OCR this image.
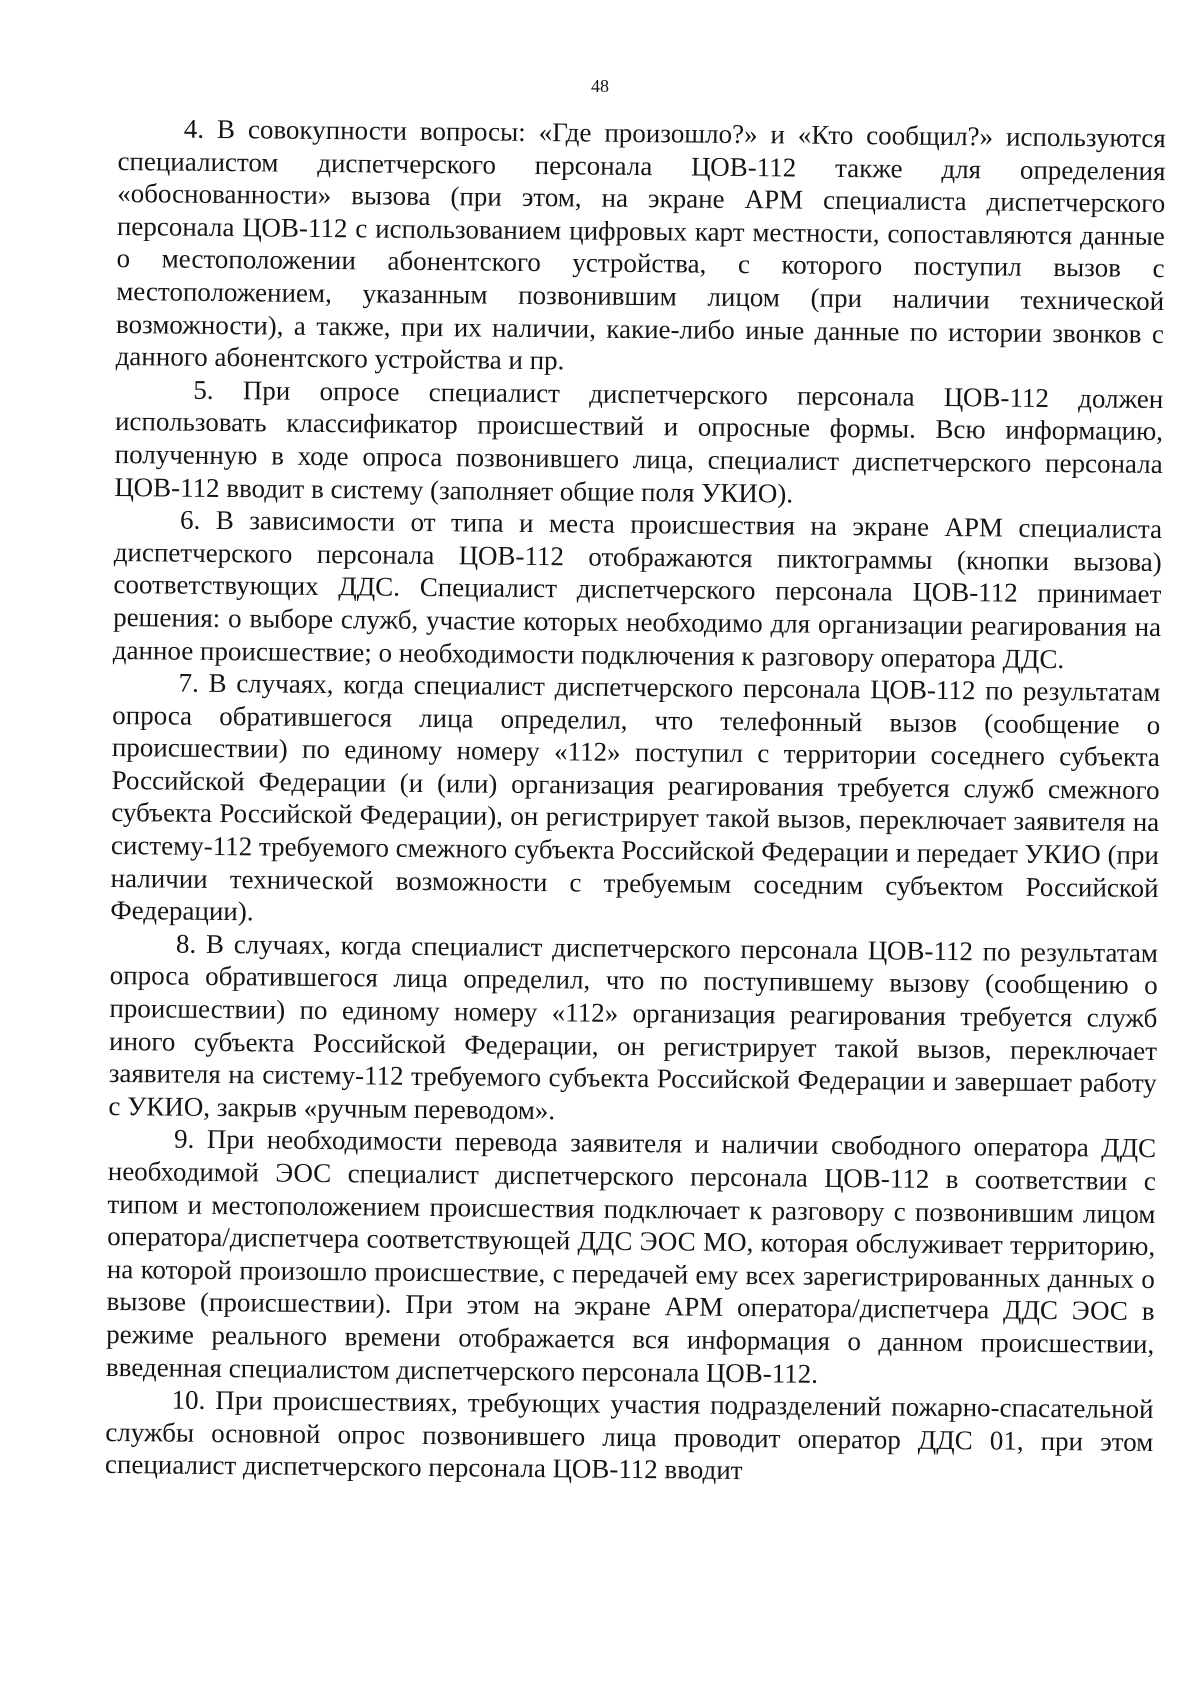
48

4. В совокупности вопросы: «Где произошло?» и «Кто сообщил?» используются специалистом диспетчерского персонала ЦОВ-112 также для определения «обоснованности» вызова (при этом, на экране АРМ специалиста диспетчерского персонала ЦОВ-112 с использованием цифровых карт местности, сопоставляются данные о местоположении абонентского устройства, с которого поступил вызов с местоположением, указанным позвонившим лицом (при наличии технической возможности), а также, при их наличии, какие-либо иные данные по истории звонков с данного абонентского устройства и пр.

5. При опросе специалист диспетчерского персонала ЦОВ-112 должен использовать классификатор происшествий и опросные формы. Всю информацию, полученную в ходе опроса позвонившего лица, специалист диспетчерского персонала ЦОВ-112 вводит в систему (заполняет общие поля УКИО).

6. В зависимости от типа и места происшествия на экране АРМ специалиста диспетчерского персонала ЦОВ-112 отображаются пиктограммы (кнопки вызова) соответствующих ДДС. Специалист диспетчерского персонала ЦОВ-112 принимает решения: о выборе служб, участие которых необходимо для организации реагирования на данное происшествие; о необходимости подключения к разговору оператора ДДС.

7. В случаях, когда специалист диспетчерского персонала ЦОВ-112 по результатам опроса обратившегося лица определил, что телефонный вызов (сообщение о происшествии) по единому номеру «112» поступил с территории соседнего субъекта Российской Федерации (и (или) организация реагирования требуется служб смежного субъекта Российской Федерации), он регистрирует такой вызов, переключает заявителя на систему-112 требуемого смежного субъекта Российской Федерации и передает УКИО (при наличии технической возможности с требуемым соседним субъектом Российской Федерации).

8. В случаях, когда специалист диспетчерского персонала ЦОВ-112 по результатам опроса обратившегося лица определил, что по поступившему вызову (сообщению о происшествии) по единому номеру «112» организация реагирования требуется служб иного субъекта Российской Федерации, он регистрирует такой вызов, переключает заявителя на систему-112 требуемого субъекта Российской Федерации и завершает работу с УКИО, закрыв «ручным переводом».

9. При необходимости перевода заявителя и наличии свободного оператора ДДС необходимой ЭОС специалист диспетчерского персонала ЦОВ-112 в соответствии с типом и местоположением происшествия подключает к разговору с позвонившим лицом оператора/диспетчера соответствующей ДДС ЭОС МО, которая обслуживает территорию, на которой произошло происшествие, с передачей ему всех зарегистрированных данных о вызове (происшествии). При этом на экране АРМ оператора/диспетчера ДДС ЭОС в режиме реального времени отображается вся информация о данном происшествии, введенная специалистом диспетчерского персонала ЦОВ-112.

10. При происшествиях, требующих участия подразделений пожарно-спасательной службы основной опрос позвонившего лица проводит оператор ДДС 01, при этом специалист диспетчерского персонала ЦОВ-112 вводит
